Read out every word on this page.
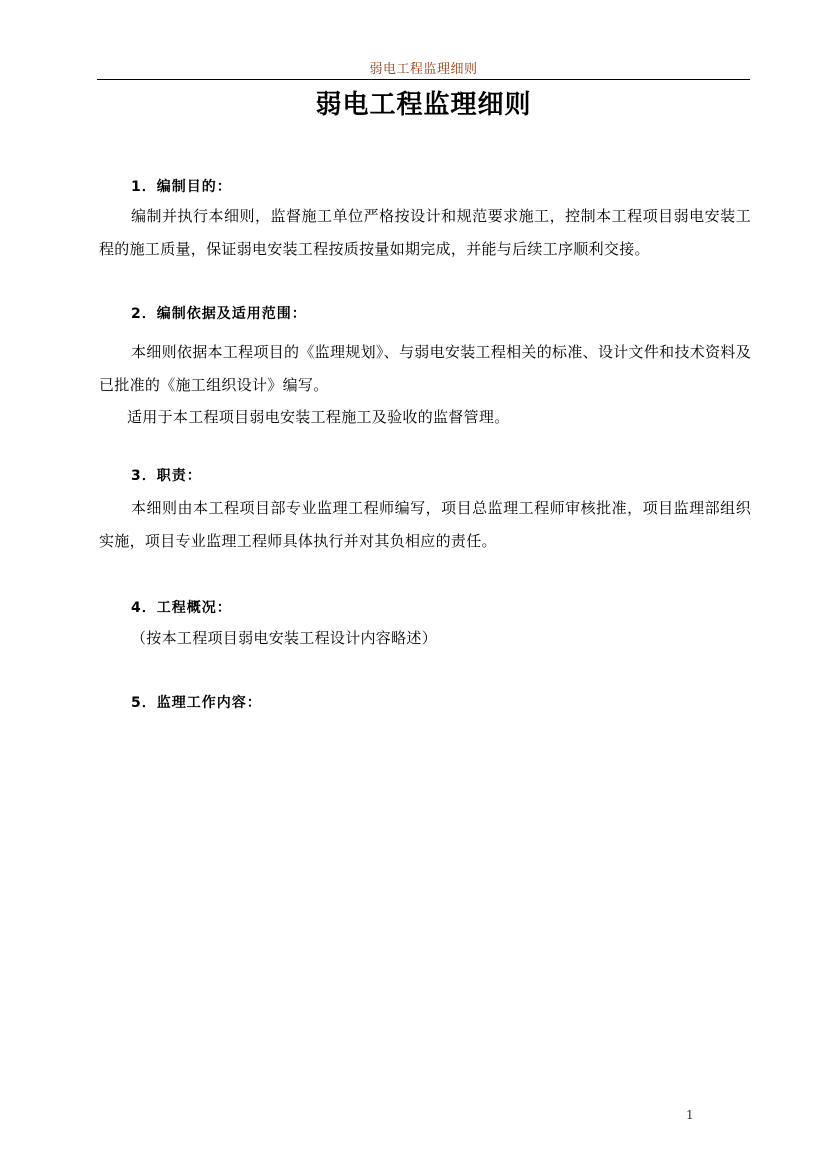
弱电工程监理细则
弱电工程监理细则
1．编制目的：
编制并执行本细则，监督施工单位严格按设计和规范要求施工，控制本工程项目弱电安装工程的施工质量，保证弱电安装工程按质按量如期完成，并能与后续工序顺利交接。
2．编制依据及适用范围：
本细则依据本工程项目的《监理规划》、与弱电安装工程相关的标准、设计文件和技术资料及已批准的《施工组织设计》编写。
适用于本工程项目弱电安装工程施工及验收的监督管理。
3．职责：
本细则由本工程项目部专业监理工程师编写，项目总监理工程师审核批准，项目监理部组织实施，项目专业监理工程师具体执行并对其负相应的责任。
4．工程概况：
（按本工程项目弱电安装工程设计内容略述）
5．监理工作内容：
1
